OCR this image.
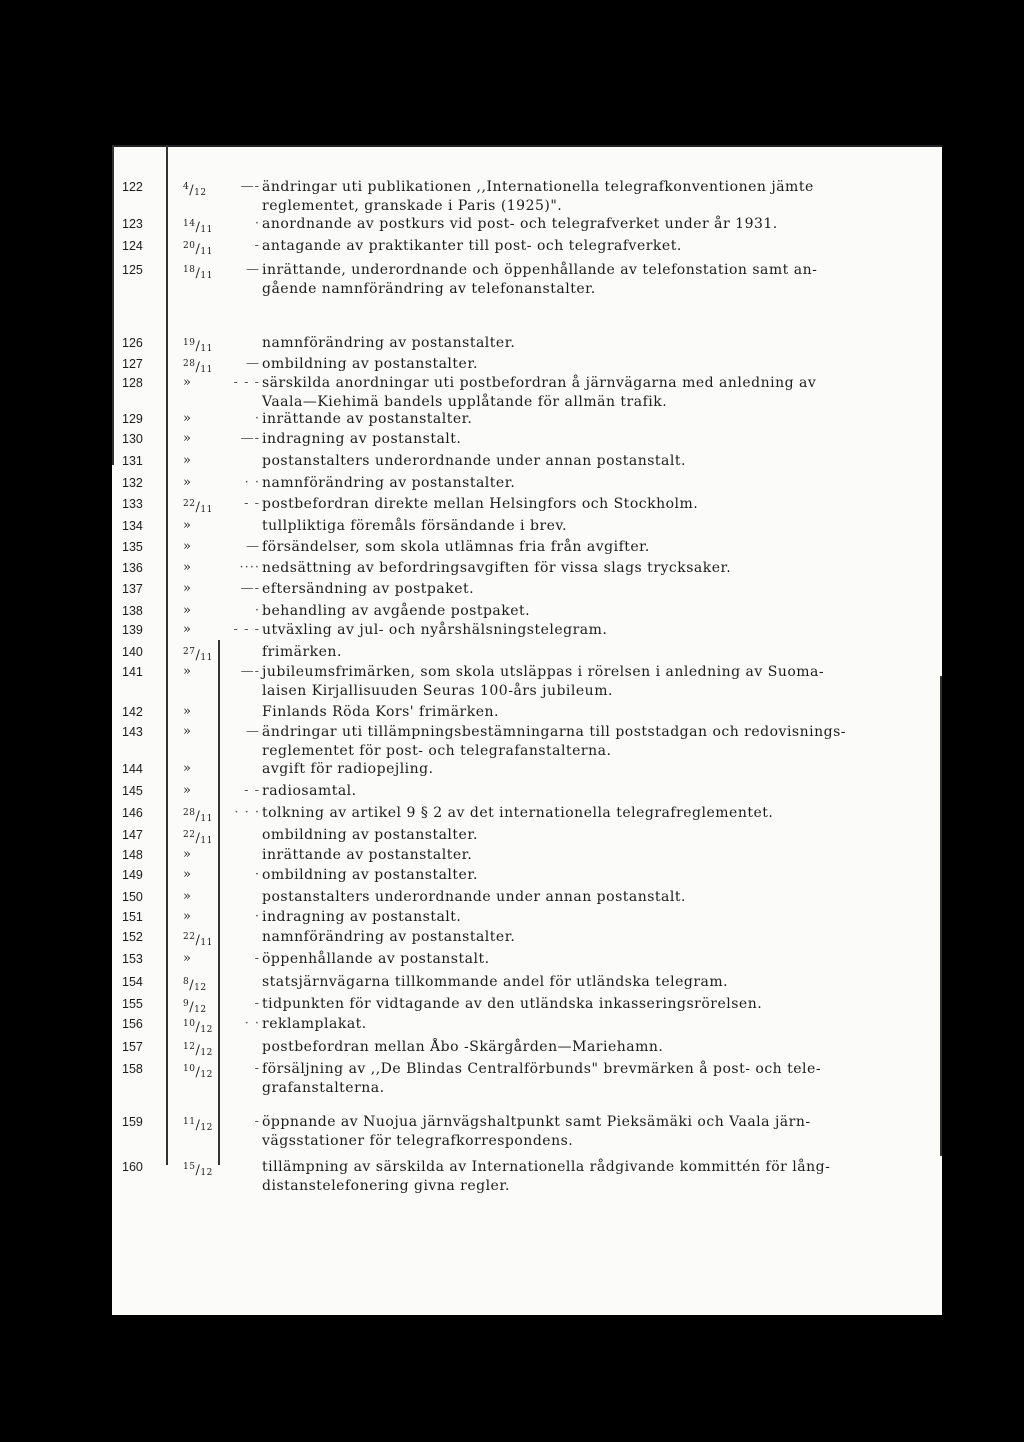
122	$^4/_{12}$	—- ändringar uti publikationen ,,Internationella telegrafkonventionen jämte
reglementet, granskade i Paris (1925)".
123	$^{14}/_{11}$	· anordnande av postkurs vid post- och telegrafverket under år 1931.
124	$^{20}/_{11}$	- antagande av praktikanter till post- och telegrafverket.
125	$^{18}/_{11}$	— inrättande, underordnande och öppenhållande av telefonstation samt an-
gående namnförändring av telefonanstalter.
126	$^{19}/_{11}$	namnförändring av postanstalter.
127	$^{28}/_{11}$	— ombildning av postanstalter.
128	»	- - - särskilda anordningar uti postbefordran å järnvägarna med anledning av
Vaala—Kiehimä bandels upplåtande för allmän trafik.
129	»	· inrättande av postanstalter.
130	»	—- indragning av postanstalt.
131	»	postanstalters underordnande under annan postanstalt.
132	»	· · namnförändring av postanstalter.
133	$^{22}/_{11}$	- - postbefordran direkte mellan Helsingfors och Stockholm.
134	»	tullpliktiga föremåls försändande i brev.
135	»	— försändelser, som skola utlämnas fria från avgifter.
136	»	···· nedsättning av befordringsavgiften för vissa slags trycksaker.
137	»	—- eftersändning av postpaket.
138	»	· behandling av avgående postpaket.
139	»	- - - utväxling av jul- och nyårshälsningstelegram.
140	$^{27}/_{11}$	frimärken.
141	»	—- jubileumsfrimärken, som skola utsläppas i rörelsen i anledning av Suoma-
laisen Kirjallisuuden Seuras 100-års jubileum.
142	»	Finlands Röda Kors' frimärken.
143	»	— ändringar uti tillämpningsbestämningarna till poststadgan och redovisnings-
reglementet för post- och telegrafanstalterna.
144	»	avgift för radiopejling.
145	»	- - radiosamtal.
146	$^{28}/_{11}$	· · · tolkning av artikel 9 § 2 av det internationella telegrafreglementet.
147	$^{22}/_{11}$	ombildning av postanstalter.
148	»	inrättande av postanstalter.
149	»	· ombildning av postanstalter.
150	»	postanstalters underordnande under annan postanstalt.
151	»	· indragning av postanstalt.
152	$^{22}/_{11}$	namnförändring av postanstalter.
153	»	- öppenhållande av postanstalt.
154	$^8/_{12}$	statsjärnvägarna tillkommande andel för utländska telegram.
155	$^9/_{12}$	- tidpunkten för vidtagande av den utländska inkasseringsrörelsen.
156	$^{10}/_{12}$	· · reklamplakat.
157	$^{12}/_{12}$	postbefordran mellan Åbo -Skärgården—Mariehamn.
158	$^{10}/_{12}$	- försäljning av ,,De Blindas Centralförbunds" brevmärken å post- och tele-
grafanstalterna.
159	$^{11}/_{12}$	- öppnande av Nuojua järnvägshaltpunkt samt Pieksämäki och Vaala järn-
vägsstationer för telegrafkorrespondens.
160	$^{15}/_{12}$	tillämpning av särskilda av Internationella rådgivande kommittén för lång-
distanstelefonering givna regler.
